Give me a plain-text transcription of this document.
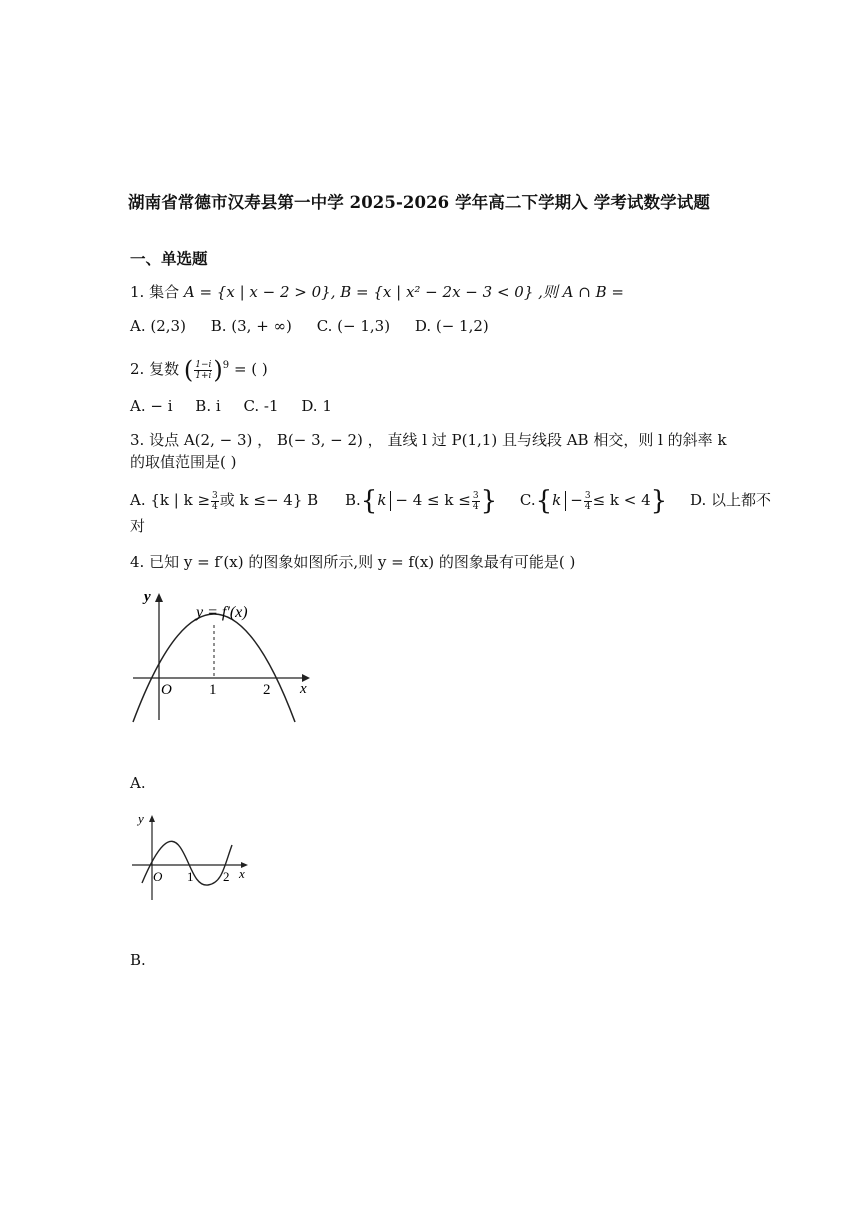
湖南省常德市汉寿县第一中学 2025-2026 学年高二下学期入 学考试数学试题
一、单选题
1. 集合 A = {x | x − 2 > 0}, B = {x | x² − 2x − 3 < 0} ,则 A ∩ B =
A. (2,3) B. (3, + ∞) C. (− 1,3) D. (− 1,2)
2. 复数 ( $\frac{1-i}{1+i} )^9$ = ( )
A. − i B. i C. -1 D. 1
3. 设点 A(2, − 3) ， B(− 3, − 2) ， 直线 l 过 P(1,1) 且与线段 AB 相交，则 l 的斜率 k
的取值范围是( )
A. {k | $k \ge \frac{3}{4}$ 或 k ≤− 4} B $B.\{k - 4 \le k \le \frac{3}{4}$ } $C.\{k - \frac{3}{4} \le k < 4\}$ D. 以上都不
对
4. 已知 y = f′(x) 的图象如图所示,则 y = f(x) 的图象最有可能是( )
y
x
O 1	2
y = f′(x)
A.
y
x
O 1 2
B.
